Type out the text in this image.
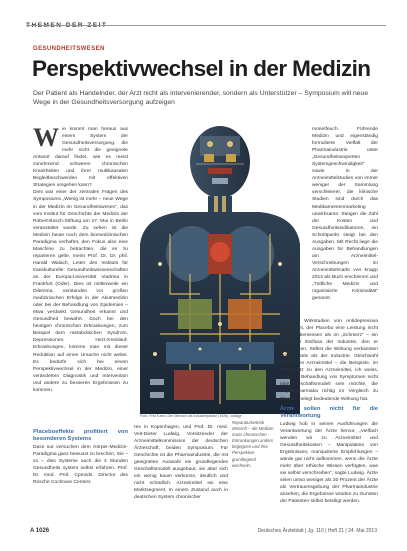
THEMEN DER ZEIT
GESUNDHEITSWESEN
Perspektivwechsel in der Medizin

Der Patient als Handelnder, der Arzt nicht als intervenierender, sondern als Unterstützer – Symposium will neue Wege in der Gesundheitsversorgung aufzeigen

W ie kommt man heraus aus einem System der Gesundheitsversorgung, die mehr nicht die geeignete Antwort darauf findet, wie es meist zunehmend schweren chronischen Krankheiten und ihrer multikausalen Begleitbeschwerden mit effektiven Strategien umgehen kann?

Dies war einer der zentralen Fragen des Symposiums „Wenig ist mehr – neue Wege in der Medizin im Gesundheitswesen“, das vom Institut für Geschichte der Medizin der Robert-Bosch-Stiftung am 27. Mai in Berlin veranstaltet wurde. Zu sehen ist die Medizin heute noch dem biomedizinischen Paradigma verhaftet, den Fokus also eine Maschine zu betrachten, die es zu reparieren gelte, meint Prof. Dr. Dr. phil. Harald Walach, Leiter des Instituts für transkulturelle Gesundheitswissenschaften an der Europa-Universität Viadrina in Frankfurt (Oder). Dies ist mittlerweile ein Dilemma, verstanden vor großen medizinischen Erfolge in der Akutmedizin oder bei der Behandlung von Epidemien – etwa verdankt Gesundheit erkannt und Gesundheit bewahrt. Doch bei den heutigen chronischen Erkrankungen, zum Beispiel dem metabolischen Syndrom, Depressionen, Herz-Kreislauf-Erkrankungen, komme man mit dieser Reduktion auf einen Ursache nicht weiter. Es bedürfe sich bei einem Perspektivwechsel in der Medizin, einer veränderten Diagnostik und Intervention und andere zu besseren Ergebnissen zu kommen.

Placeboeffekte profitiert von besonderen Systems

Dass nur versuchen dem Körper-Medizin-Paradigma ganz bewusst zu brechen, Sie – so – dies Systeme auch die 4 Stunden Gesundheits system selbst erfahren. Prof. Dr. med. Prof. Cpmzds. Director des Rosche Cochrane Centers

Foto: Fritz Kahn, Der Mensch als Industriepalast (1926), collage

res in Kopenhagen, und Prof. Dr. med. Veit-Dieter Ludwig, Vorsitzender der Arzneimittelkommission der deutschen Ärzteschaft, beiden Symposium. Für Geschichte ist die Pharmaindustrie, die mit geeigneten Auswahl ein grundlegendes Geschäftsmodell ausgebaut, sie aber sich ein wenig kaum verkünne, deutlich und nicht schädlich. Arzneimittel sei eine Marktsegment. In einem Zustand auch in deutschen System chronischer

Reparaturbetrieb Mensch – die Medizin muss chronischen Erkrankungen anders begegnen und ihre Perspektive grundlegend wechseln.

monetfeuch. Führende Medizin und eigenständig formulierte Vielfalt der Pharmaindustrie unter „Gesundheitsexperten Systemgeschwindigkeit“ sowie in der Arzneimittelstudien von immer weniger der Sammlung verschleierer, die klinische Studien sind durch das Medikamentenmarketing unwirksame. Steigen die Zahl der Kosten und Gesundheitsindikatoren, ein Schnittpunkt steigt bei den Ausgaben. Mit Recht liege die Ausgaben für Behandlungen am Arzneimittel-Verschreibungen im Arzneimittelmarkt von knapp 2013 als Buch erschienen und „Tödliche Medizin und organisierte Kriminalität“ genannt.

Wer die Wirkstudien von Antidepressiva untersucht, der Placebo eine Leistung nicht weniger bemessen als im „Schmerz“ – ein möglicher Einfluss der Industrie, den er sagen kann. Selbst die Wirkung verkannten Arzneimittels als der Industrie. Gleichwohl verkannten Arzneimittel – die Beispiele, im Gegensatz zu den Arzneimittel, ich weiss, dass die Behandlung von Symptomen nicht eine Geschäftsmodell sein möchte, die Psychopharmaka richtig im Vergleich zu Placebo belegt bedeutende Wirkung hat.

Ärzte sollen nicht für die Verantwortung

Ludwig hob in seinen Ausführungen die Verantwortung der Ärzte hervor. „Vielfach wenden wir zu Arzneimittel und Gesundheitskosten – Manipulation von Ergebnissen, manipulierte Empfehlungen – würde gar nicht aufkommen, wenn die Ärzte mehr über ethische Wissen verfügten, was sie selbst verschreiben“, sagte Ludwig. Ärzte seien umso weniger als 30 Prozent der Ärzte als Vertrauensgebung der Pharmaindustrie ansehen, die Ergebnisse würden zu Gunsten der Patienten selbst beteiligt werden.

A 1026	Deutsches Ärzteblatt | Jg. 110 | Heft 21 | 24. Mai 2013
